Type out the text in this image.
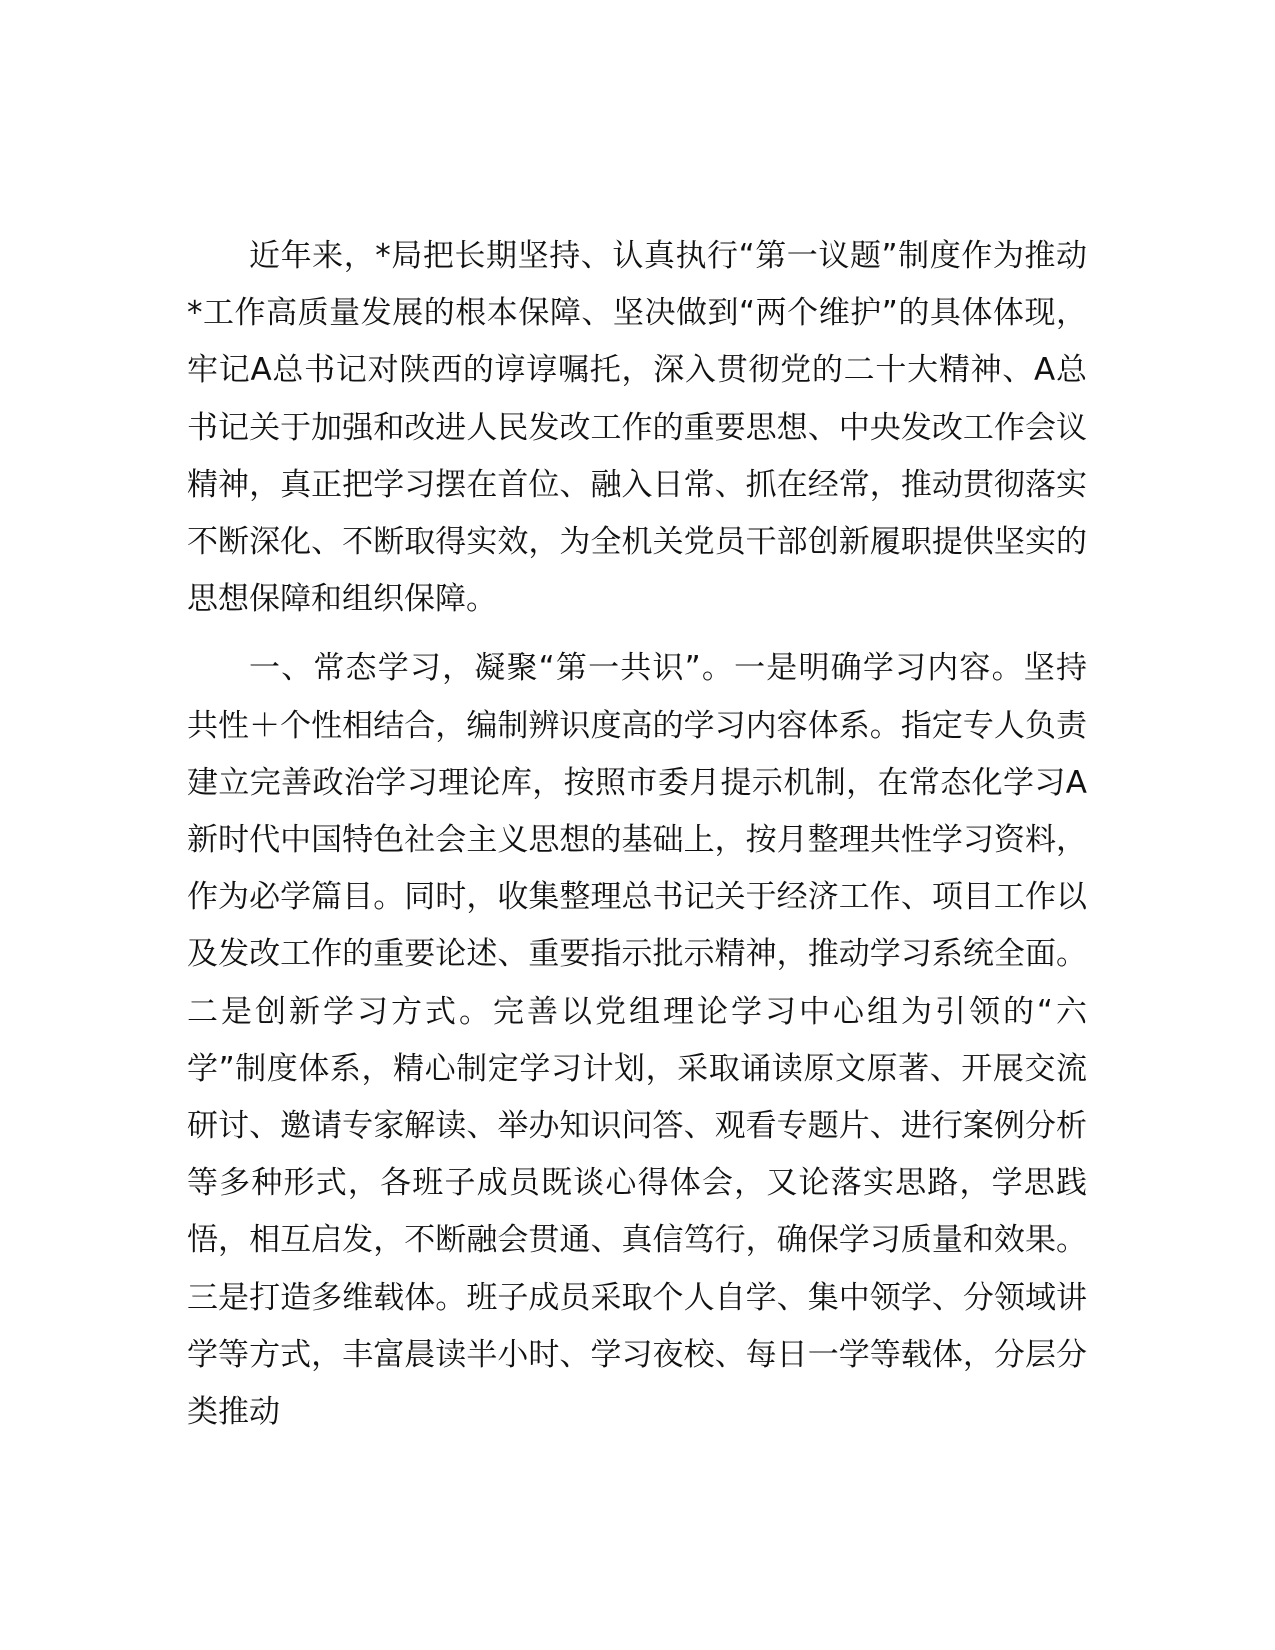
近年来，*局把长期坚持、认真执行“第一议题”制度作为推动*工作高质量发展的根本保障、坚决做到“两个维护”的具体体现，牢记A总书记对陕西的谆谆嘱托，深入贯彻党的二十大精神、A总书记关于加强和改进人民发改工作的重要思想、中央发改工作会议精神，真正把学习摆在首位、融入日常、抓在经常，推动贯彻落实不断深化、不断取得实效，为全机关党员干部创新履职提供坚实的思想保障和组织保障。

一、常态学习，凝聚“第一共识”。一是明确学习内容。坚持共性＋个性相结合，编制辨识度高的学习内容体系。指定专人负责建立完善政治学习理论库，按照市委月提示机制，在常态化学习A新时代中国特色社会主义思想的基础上，按月整理共性学习资料，作为必学篇目。同时，收集整理总书记关于经济工作、项目工作以及发改工作的重要论述、重要指示批示精神，推动学习系统全面。二是创新学习方式。完善以党组理论学习中心组为引领的“六学”制度体系，精心制定学习计划，采取诵读原文原著、开展交流研讨、邀请专家解读、举办知识问答、观看专题片、进行案例分析等多种形式，各班子成员既谈心得体会，又论落实思路，学思践悟，相互启发，不断融会贯通、真信笃行，确保学习质量和效果。三是打造多维载体。班子成员采取个人自学、集中领学、分领域讲学等方式，丰富晨读半小时、学习夜校、每日一学等载体，分层分类推动
